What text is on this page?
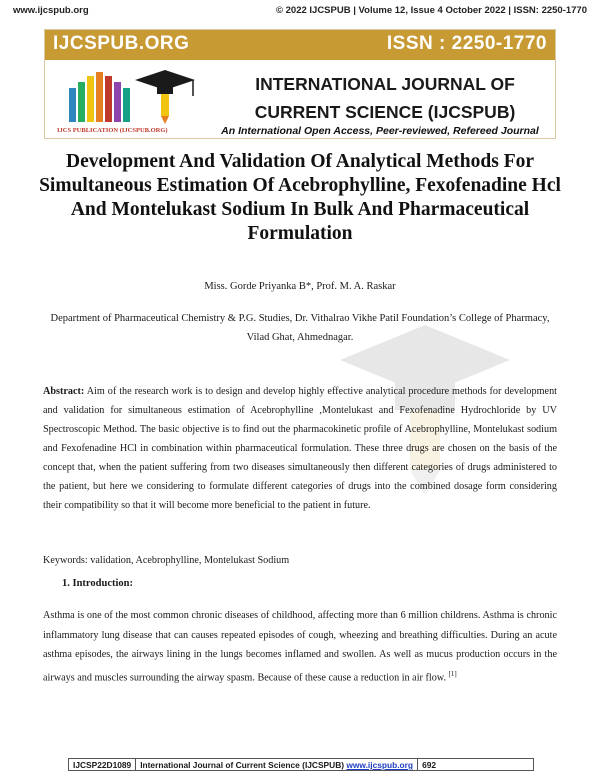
www.ijcspub.org	© 2022 IJCSPUB | Volume 12, Issue 4 October 2022 | ISSN: 2250-1770
IJCSPUB.ORG	ISSN : 2250-1770
IJCS PUBLICATION (IJCSPUB.ORG)
INTERNATIONAL JOURNAL OF
CURRENT SCIENCE (IJCSPUB)
An International Open Access, Peer-reviewed, Refereed Journal
Development And Validation Of Analytical Methods For Simultaneous Estimation Of Acebrophylline, Fexofenadine Hcl And Montelukast Sodium In Bulk And Pharmaceutical Formulation
Miss. Gorde Priyanka B*, Prof. M. A. Raskar
Department of Pharmaceutical Chemistry & P.G. Studies, Dr. Vithalrao Vikhe Patil Foundation’s College of Pharmacy, Vilad Ghat, Ahmednagar.

Abstract: Aim of the research work is to design and develop highly effective analytical procedure methods for development and validation for simultaneous estimation of Acebrophylline ,Montelukast and Fexofenadine Hydrochloride by UV Spectroscopic Method. The basic objective is to find out the pharmacokinetic profile of Acebrophylline, Montelukast sodium and Fexofenadine HCl in combination within pharmaceutical formulation. These three drugs are chosen on the basis of the concept that, when the patient suffering from two diseases simultaneously then different categories of drugs administered to the patient, but here we considering to formulate different categories of drugs into the combined dosage form considering their compatibility so that it will become more beneficial to the patient in future.

Keywords: validation, Acebrophylline, Montelukast Sodium

1. Introduction:

Asthma is one of the most common chronic diseases of childhood, affecting more than 6 million childrens. Asthma is chronic inflammatory lung disease that can causes repeated episodes of cough, wheezing and breathing difficulties. During an acute asthma episodes, the airways lining in the lungs becomes inflamed and swollen. As well as mucus production occurs in the airways and muscles surrounding the airway spasm. Because of these cause a reduction in air flow. [1]

IJCSP22D1089	International Journal of Current Science (IJCSPUB) www.ijcspub.org	692
